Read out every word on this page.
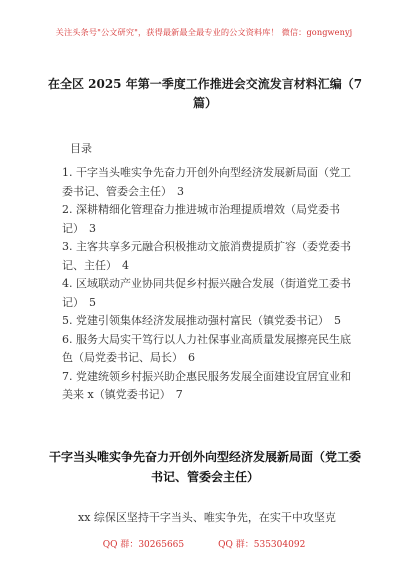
关注头条号"公文研究"，获得最新最全最专业的公文资料库！ 微信：gongwenyj
在全区 2025 年第一季度工作推进会交流发言材料汇编（7 篇）
目录

1. 干字当头唯实争先奋力开创外向型经济发展新局面（党工委书记、管委会主任） 3

2. 深耕精细化管理奋力推进城市治理提质增效（局党委书记） 3

3. 主客共享多元融合积极推动文旅消费提质扩容（委党委书记、主任） 4

4. 区域联动产业协同共促乡村振兴融合发展（街道党工委书记） 5

5. 党建引领集体经济发展推动强村富民（镇党委书记） 5

6. 服务大局实干笃行以人力社保事业高质量发展擦亮民生底色（局党委书记、局长） 6

7. 党建统领乡村振兴助企惠民服务发展全面建设宜居宜业和美来 x（镇党委书记） 7

干字当头唯实争先奋力开创外向型经济发展新局面（党工委书记、管委会主任）
xx 综保区坚持干字当头、唯实争先，在实干中攻坚克
QQ 群：30265665	QQ 群：535304092
